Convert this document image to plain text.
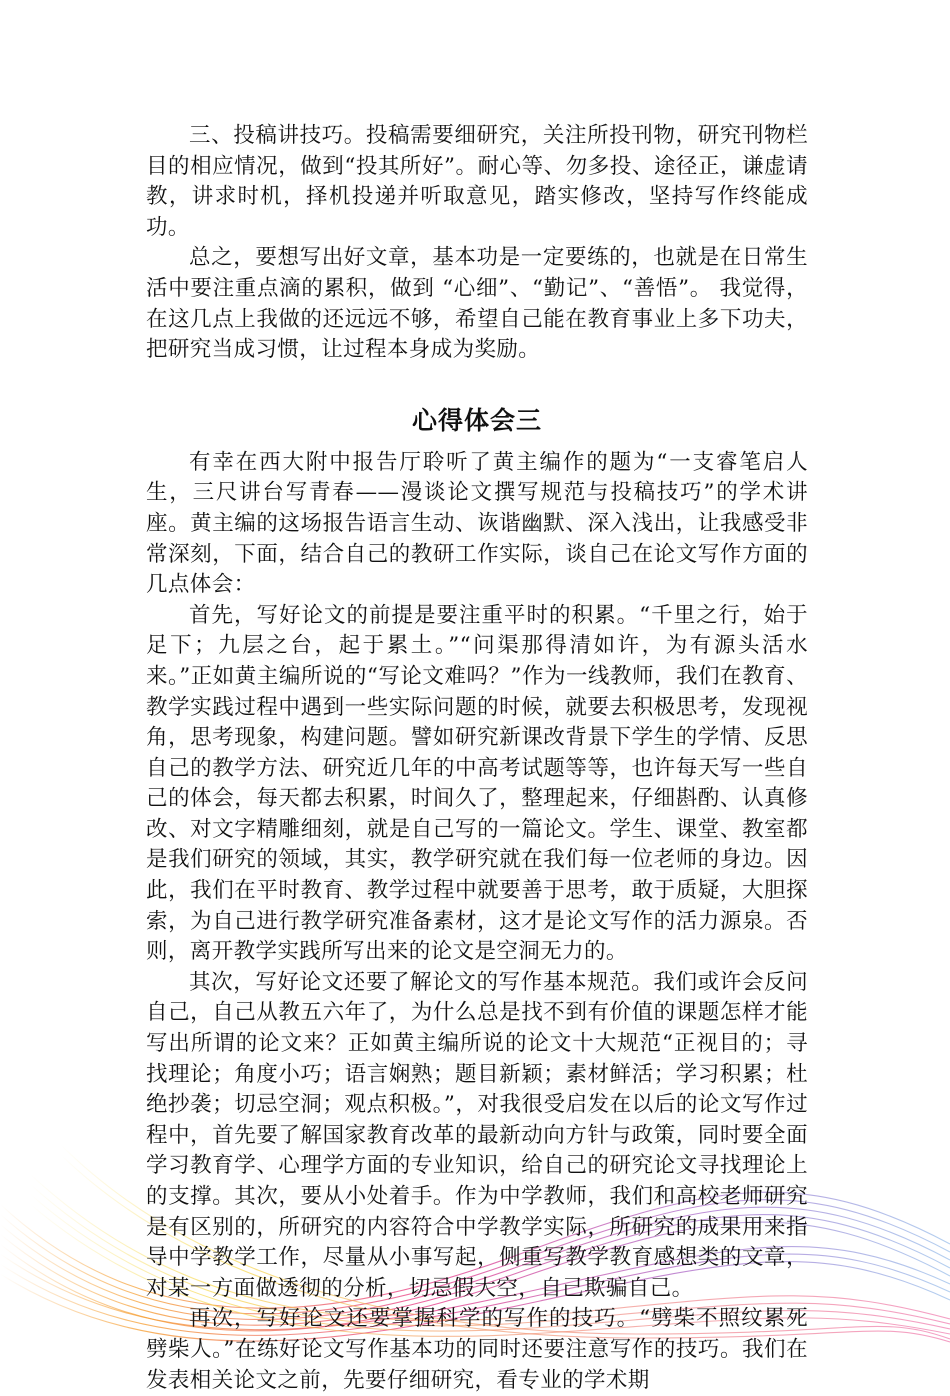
三、投稿讲技巧。投稿需要细研究，关注所投刊物，研究刊物栏目的相应情况，做到“投其所好”。耐心等、勿多投、途径正，谦虚请教，讲求时机，择机投递并听取意见，踏实修改，坚持写作终能成功。

总之，要想写出好文章，基本功是一定要练的，也就是在日常生活中要注重点滴的累积，做到 “心细”、“勤记”、“善悟”。 我觉得，在这几点上我做的还远远不够，希望自己能在教育事业上多下功夫，把研究当成习惯，让过程本身成为奖励。

心得体会三

有幸在西大附中报告厅聆听了黄主编作的题为“一支睿笔启人生，三尺讲台写青春——漫谈论文撰写规范与投稿技巧”的学术讲座。黄主编的这场报告语言生动、诙谐幽默、深入浅出，让我感受非常深刻，下面，结合自己的教研工作实际，谈自己在论文写作方面的几点体会：

首先，写好论文的前提是要注重平时的积累。“千里之行，始于足下；九层之台，起于累土。”“问渠那得清如许，为有源头活水来。”正如黄主编所说的“写论文难吗？”作为一线教师，我们在教育、教学实践过程中遇到一些实际问题的时候，就要去积极思考，发现视角，思考现象，构建问题。譬如研究新课改背景下学生的学情、反思自己的教学方法、研究近几年的中高考试题等等，也许每天写一些自己的体会，每天都去积累，时间久了，整理起来，仔细斟酌、认真修改、对文字精雕细刻，就是自己写的一篇论文。学生、课堂、教室都是我们研究的领域，其实，教学研究就在我们每一位老师的身边。因此，我们在平时教育、教学过程中就要善于思考，敢于质疑，大胆探索，为自己进行教学研究准备素材，这才是论文写作的活力源泉。否则，离开教学实践所写出来的论文是空洞无力的。

其次，写好论文还要了解论文的写作基本规范。我们或许会反问自己，自己从教五六年了，为什么总是找不到有价值的课题怎样才能写出所谓的论文来？正如黄主编所说的论文十大规范“正视目的；寻找理论；角度小巧；语言娴熟；题目新颖；素材鲜活；学习积累；杜绝抄袭；切忌空洞；观点积极。”，对我很受启发在以后的论文写作过程中，首先要了解国家教育改革的最新动向方针与政策，同时要全面学习教育学、心理学方面的专业知识，给自己的研究论文寻找理论上的支撑。其次，要从小处着手。作为中学教师，我们和高校老师研究是有区别的，所研究的内容符合中学教学实际，所研究的成果用来指导中学教学工作，尽量从小事写起，侧重写教学教育感想类的文章，对某一方面做透彻的分析，切忌假大空，自己欺骗自己。

再次，写好论文还要掌握科学的写作的技巧。“劈柴不照纹累死劈柴人。”在练好论文写作基本功的同时还要注意写作的技巧。我们在发表相关论文之前，先要仔细研究，看专业的学术期
